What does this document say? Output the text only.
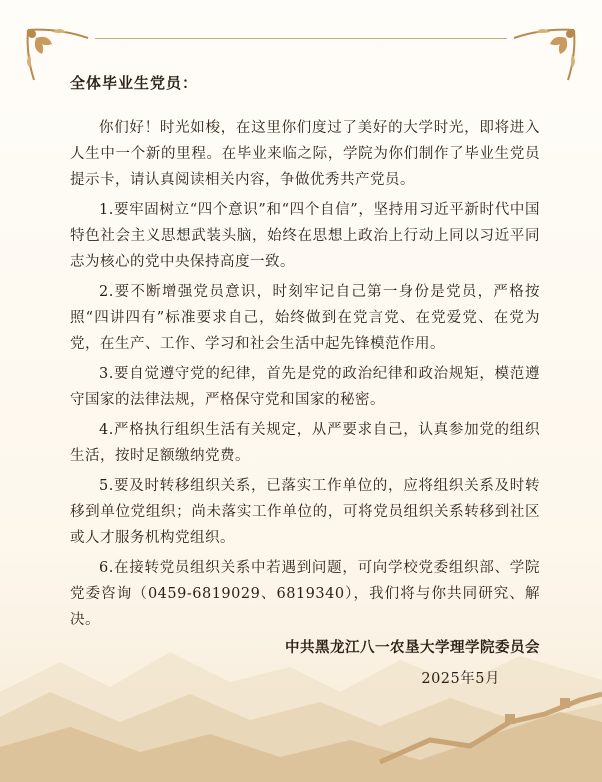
全体毕业生党员：

你们好！时光如梭，在这里你们度过了美好的大学时光，即将进入人生中一个新的里程。在毕业来临之际，学院为你们制作了毕业生党员提示卡，请认真阅读相关内容，争做优秀共产党员。

1.要牢固树立“四个意识”和“四个自信”，坚持用习近平新时代中国特色社会主义思想武装头脑，始终在思想上政治上行动上同以习近平同志为核心的党中央保持高度一致。

2.要不断增强党员意识，时刻牢记自己第一身份是党员，严格按照“四讲四有”标准要求自己，始终做到在党言党、在党爱党、在党为党，在生产、工作、学习和社会生活中起先锋模范作用。

3.要自觉遵守党的纪律，首先是党的政治纪律和政治规矩，模范遵守国家的法律法规，严格保守党和国家的秘密。

4.严格执行组织生活有关规定，从严要求自己，认真参加党的组织生活，按时足额缴纳党费。

5.要及时转移组织关系，已落实工作单位的，应将组织关系及时转移到单位党组织；尚未落实工作单位的，可将党员组织关系转移到社区或人才服务机构党组织。

6.在接转党员组织关系中若遇到问题，可向学校党委组织部、学院党委咨询（0459-6819029、6819340），我们将与你共同研究、解决。

中共黑龙江八一农垦大学理学院委员会
2025年5月
